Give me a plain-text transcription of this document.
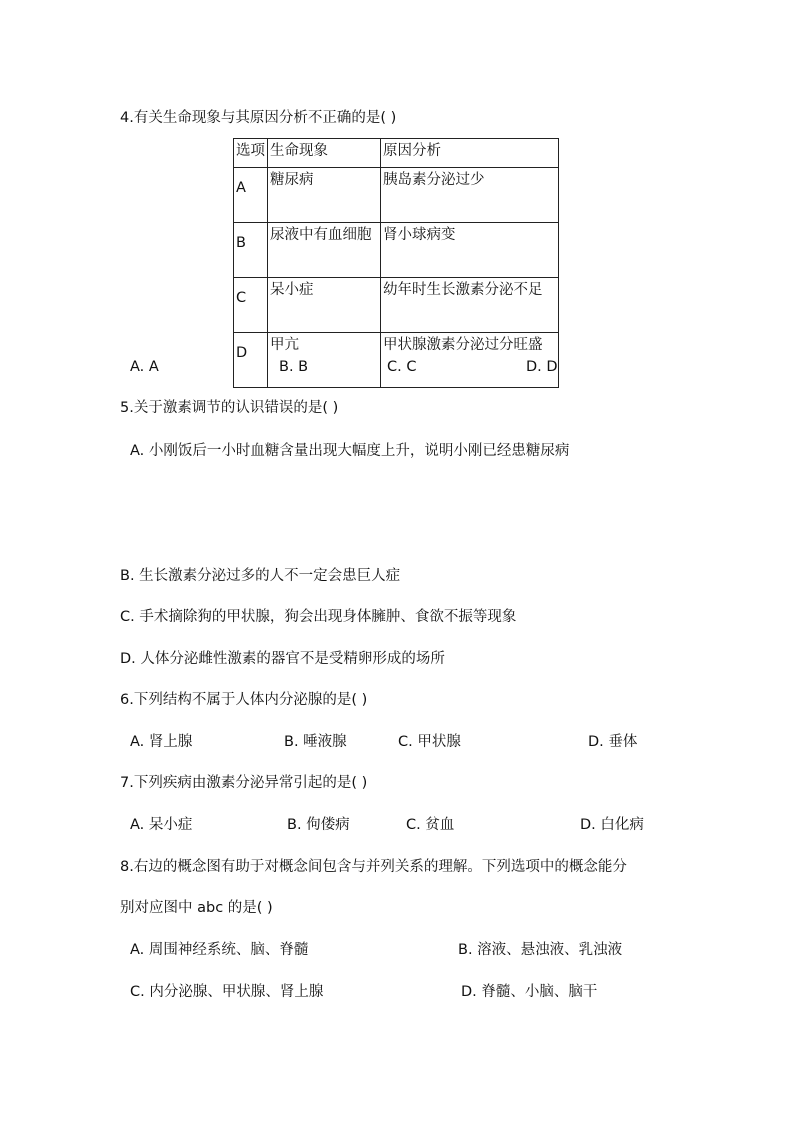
4.有关生命现象与其原因分析不正确的是( )
选项	生命现象	原因分析
A	糖尿病	胰岛素分泌过少
B	尿液中有血细胞	肾小球病变
C	呆小症	幼年时生长激素分泌不足
D	甲亢	甲状腺激素分泌过分旺盛
A. A	B. B	C. C	D. D
5.关于激素调节的认识错误的是( )
A. 小刚饭后一小时血糖含量出现大幅度上升，说明小刚已经患糖尿病
B. 生长激素分泌过多的人不一定会患巨人症
C. 手术摘除狗的甲状腺，狗会出现身体臃肿、食欲不振等现象
D. 人体分泌雌性激素的器官不是受精卵形成的场所
6.下列结构不属于人体内分泌腺的是( )
A. 肾上腺	B. 唾液腺	C. 甲状腺	D. 垂体
7.下列疾病由激素分泌异常引起的是( )
A. 呆小症	B. 佝偻病	C. 贫血	D. 白化病
8.右边的概念图有助于对概念间包含与并列关系的理解。下列选项中的概念能分
别对应图中 abc 的是( )
A. 周围神经系统、脑、脊髓	B. 溶液、悬浊液、乳浊液
C. 内分泌腺、甲状腺、肾上腺	D. 脊髓、小脑、脑干
